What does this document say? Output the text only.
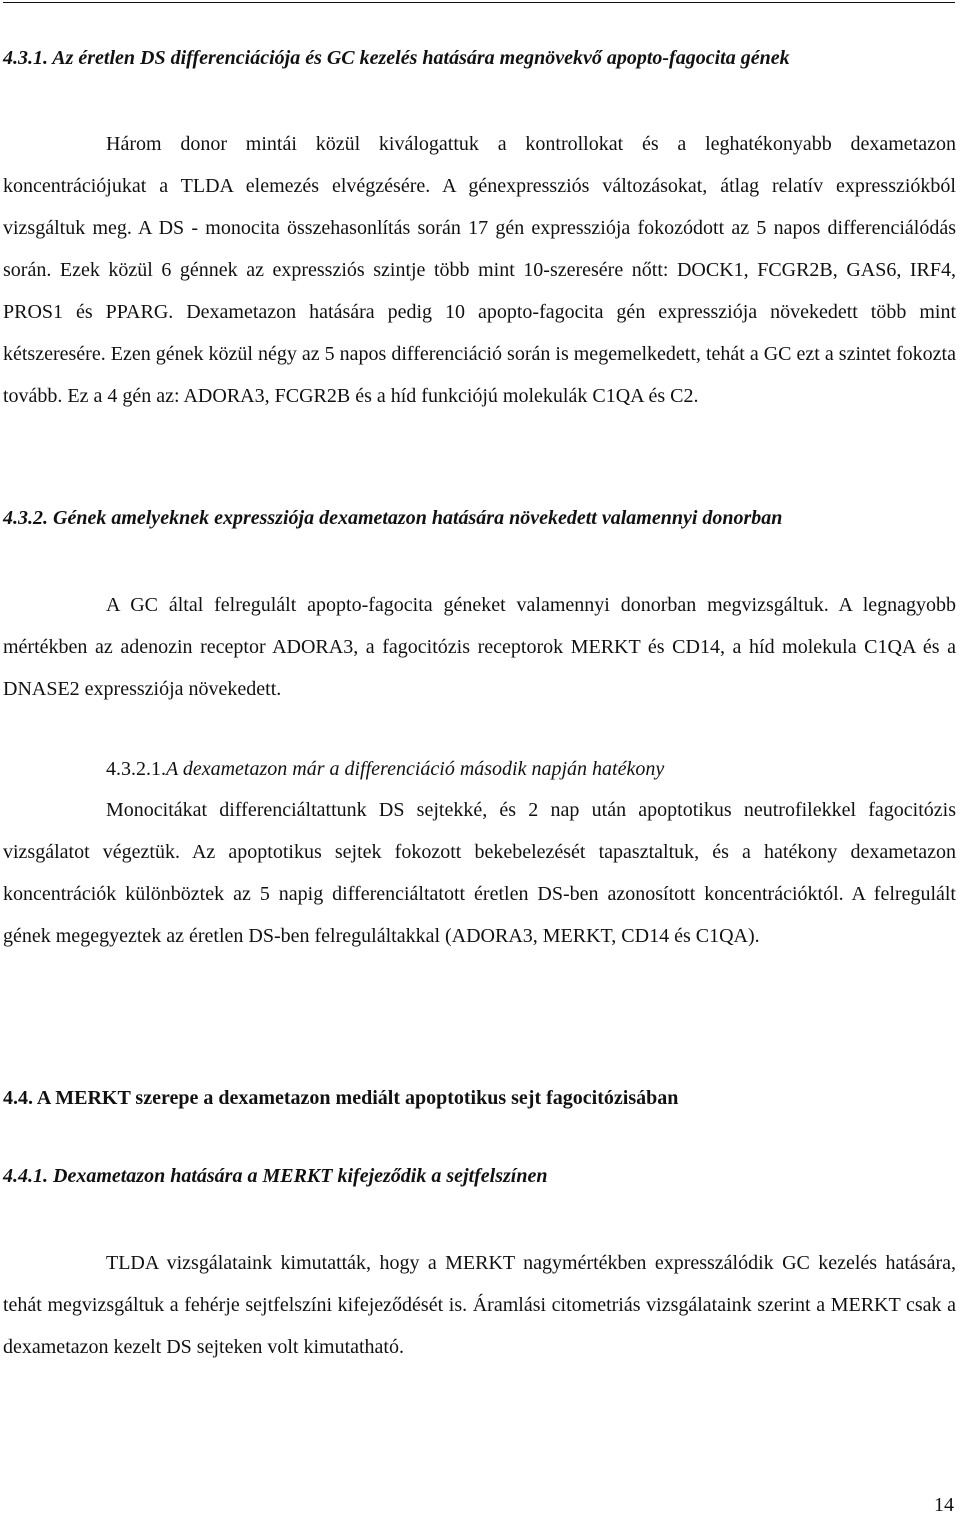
4.3.1. Az éretlen DS differenciációja és GC kezelés hatására megnövekvő apopto-fagocita gének

Három donor mintái közül kiválogattuk a kontrollokat és a leghatékonyabb dexametazon koncentrációjukat a TLDA elemezés elvégzésére. A génexpressziós változásokat, átlag relatív expressziókból vizsgáltuk meg. A DS - monocita összehasonlítás során 17 gén expressziója fokozódott az 5 napos differenciálódás során. Ezek közül 6 génnek az expressziós szintje több mint 10-szeresére nőtt: DOCK1, FCGR2B, GAS6, IRF4, PROS1 és PPARG. Dexametazon hatására pedig 10 apopto-fagocita gén expressziója növekedett több mint kétszeresére. Ezen gének közül négy az 5 napos differenciáció során is megemelkedett, tehát a GC ezt a szintet fokozta tovább. Ez a 4 gén az: ADORA3, FCGR2B és a híd funkciójú molekulák C1QA és C2.

4.3.2. Gének amelyeknek expressziója dexametazon hatására növekedett valamennyi donorban

A GC által felregulált apopto-fagocita géneket valamennyi donorban megvizsgáltuk. A legnagyobb mértékben az adenozin receptor ADORA3, a fagocitózis receptorok MERKT és CD14, a híd molekula C1QA és a DNASE2 expressziója növekedett.

4.3.2.1.A dexametazon már a differenciáció második napján hatékony

Monocitákat differenciáltattunk DS sejtekké, és 2 nap után apoptotikus neutrofilekkel fagocitózis vizsgálatot végeztük. Az apoptotikus sejtek fokozott bekebelezését tapasztaltuk, és a hatékony dexametazon koncentrációk különböztek az 5 napig differenciáltatott éretlen DS-ben azonosított koncentrációktól. A felregulált gének megegyeztek az éretlen DS-ben felreguláltakkal (ADORA3, MERKT, CD14 és C1QA).

4.4. A MERKT szerepe a dexametazon mediált apoptotikus sejt fagocitózisában
4.4.1. Dexametazon hatására a MERKT kifejeződik a sejtfelszínen

TLDA vizsgálataink kimutatták, hogy a MERKT nagymértékben expresszálódik GC kezelés hatására, tehát megvizsgáltuk a fehérje sejtfelszíni kifejeződését is. Áramlási citometriás vizsgálataink szerint a MERKT csak a dexametazon kezelt DS sejteken volt kimutatható.

14
